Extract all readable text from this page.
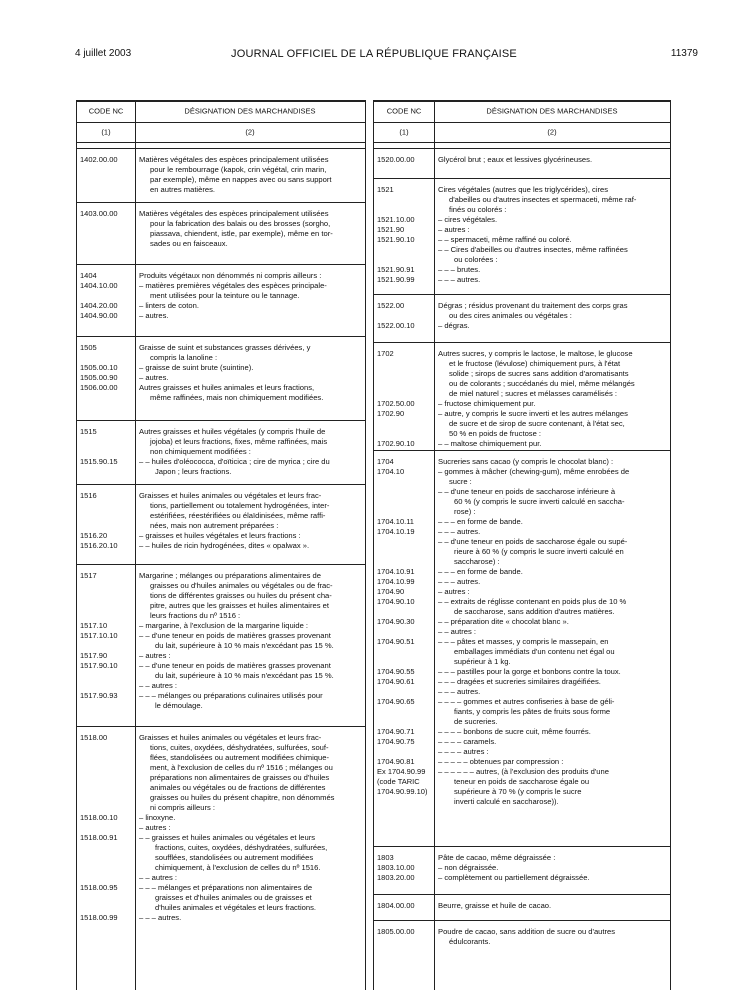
4 juillet 2003	JOURNAL OFFICIEL DE LA RÉPUBLIQUE FRANÇAISE	11379
CODE NC	DÉSIGNATION DES MARCHANDISES
(1)	(2)
1402.00.00	Matières végétales des espèces principalement utilisées
pour le rembourrage (kapok, crin végétal, crin marin,
par exemple), même en nappes avec ou sans support
en autres matières.
1403.00.00	Matières végétales des espèces principalement utilisées
pour la fabrication des balais ou des brosses (sorgho,
piassava, chiendent, istle, par exemple), même en tor-
sades ou en faisceaux.
1404	Produits végétaux non dénommés ni compris ailleurs :
1404.10.00	– matières premières végétales des espèces principale-
ment utilisées pour la teinture ou le tannage.
1404.20.00	– linters de coton.
1404.90.00	– autres.
1505	Graisse de suint et substances grasses dérivées, y
compris la lanoline :
1505.00.10	– graisse de suint brute (suintine).
1505.00.90	– autres.
1506.00.00	Autres graisses et huiles animales et leurs fractions,
même raffinées, mais non chimiquement modifiées.
1515	Autres graisses et huiles végétales (y compris l'huile de
jojoba) et leurs fractions, fixes, même raffinées, mais
non chimiquement modifiées :
1515.90.15	– – huiles d'oléococca, d'oïticica ; cire de myrica ; cire du
Japon ; leurs fractions.
1516	Graisses et huiles animales ou végétales et leurs frac-
tions, partiellement ou totalement hydrogénées, inter-
estérifiées, réestérifiées ou élaïdinisées, même raffi-
nées, mais non autrement préparées :
1516.20	– graisses et huiles végétales et leurs fractions :
1516.20.10	– – huiles de ricin hydrogénées, dites « opalwax ».
1517	Margarine ; mélanges ou préparations alimentaires de
graisses ou d'huiles animales ou végétales ou de frac-
tions de différentes graisses ou huiles du présent cha-
pitre, autres que les graisses et huiles alimentaires et
leurs fractions du nº 1516 :
1517.10	– margarine, à l'exclusion de la margarine liquide :
1517.10.10	– – d'une teneur en poids de matières grasses provenant
du lait, supérieure à 10 % mais n'excédant pas 15 %.
1517.90	– autres :
1517.90.10	– – d'une teneur en poids de matières grasses provenant
du lait, supérieure à 10 % mais n'excédant pas 15 %.
– – autres :
1517.90.93	– – – mélanges ou préparations culinaires utilisés pour
le démoulage.
1518.00	Graisses et huiles animales ou végétales et leurs frac-
tions, cuites, oxydées, déshydratées, sulfurées, souf-
flées, standolisées ou autrement modifiées chimique-
ment, à l'exclusion de celles du nº 1516 ; mélanges ou
préparations non alimentaires de graisses ou d'huiles
animales ou végétales ou de fractions de différentes
graisses ou huiles du présent chapitre, non dénommés
ni compris ailleurs :
1518.00.10	– linoxyne.
– autres :
1518.00.91	– – graisses et huiles animales ou végétales et leurs
fractions, cuites, oxydées, déshydratées, sulfurées,
soufflées, standolisées ou autrement modifiées
chimiquement, à l'exclusion de celles du nº 1516.
– – autres :
1518.00.95	– – – mélanges et préparations non alimentaires de
graisses et d'huiles animales ou de graisses et
d'huiles animales et végétales et leurs fractions.
1518.00.99	– – – autres.
CODE NC	DÉSIGNATION DES MARCHANDISES
(1)	(2)
1520.00.00	Glycérol brut ; eaux et lessives glycérineuses.
1521	Cires végétales (autres que les triglycérides), cires
d'abeilles ou d'autres insectes et spermaceti, même raf-
finés ou colorés :
1521.10.00	– cires végétales.
1521.90	– autres :
1521.90.10	– – spermaceti, même raffiné ou coloré.
– – Cires d'abeilles ou d'autres insectes, même raffinées
ou colorées :
1521.90.91	– – – brutes.
1521.90.99	– – – autres.
1522.00	Dégras ; résidus provenant du traitement des corps gras
ou des cires animales ou végétales :
1522.00.10	– dégras.
1702	Autres sucres, y compris le lactose, le maltose, le glucose
et le fructose (lévulose) chimiquement purs, à l'état
solide ; sirops de sucres sans addition d'aromatisants
ou de colorants ; succédanés du miel, même mélangés
de miel naturel ; sucres et mélasses caramélisés :
1702.50.00	– fructose chimiquement pur.
1702.90	– autre, y compris le sucre inverti et les autres mélanges
de sucre et de sirop de sucre contenant, à l'état sec,
50 % en poids de fructose :
1702.90.10	– – maltose chimiquement pur.
1704	Sucreries sans cacao (y compris le chocolat blanc) :
1704.10	– gommes à mâcher (chewing-gum), même enrobées de
sucre :
– – d'une teneur en poids de saccharose inférieure à
60 % (y compris le sucre inverti calculé en saccha-
rose) :
1704.10.11	– – – en forme de bande.
1704.10.19	– – – autres.
– – d'une teneur en poids de saccharose égale ou supé-
rieure à 60 % (y compris le sucre inverti calculé en
saccharose) :
1704.10.91	– – – en forme de bande.
1704.10.99	– – – autres.
1704.90	– autres :
1704.90.10	– – extraits de réglisse contenant en poids plus de 10 %
de saccharose, sans addition d'autres matières.
1704.90.30	– – préparation dite « chocolat blanc ».
– – autres :
1704.90.51	– – – pâtes et masses, y compris le massepain, en
emballages immédiats d'un contenu net égal ou
supérieur à 1 kg.
1704.90.55	– – – pastilles pour la gorge et bonbons contre la toux.
1704.90.61	– – – dragées et sucreries similaires dragéifiées.
– – – autres.
1704.90.65	– – – – gommes et autres confiseries à base de géli-
fiants, y compris les pâtes de fruits sous forme
de sucreries.
1704.90.71	– – – – bonbons de sucre cuit, même fourrés.
1704.90.75	– – – – caramels.
– – – – autres :
1704.90.81	– – – – – obtenues par compression :
Ex 1704.90.99 – – – – – – autres, (à l'exclusion des produits d'une
(code TARIC	teneur en poids de saccharose égale ou
1704.90.99.10)	supérieure à 70 % (y compris le sucre
inverti calculé en saccharose)).
1803	Pâte de cacao, même dégraissée :
1803.10.00	– non dégraissée.
1803.20.00	– complètement ou partiellement dégraissée.
1804.00.00	Beurre, graisse et huile de cacao.
1805.00.00	Poudre de cacao, sans addition de sucre ou d'autres
édulcorants.
